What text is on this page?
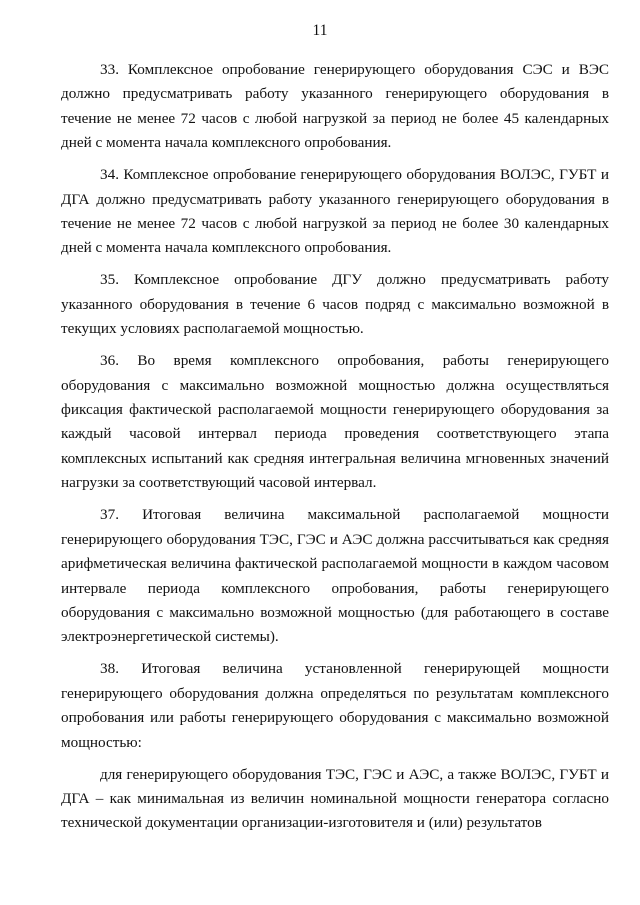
11

33. Комплексное опробование генерирующего оборудования СЭС и ВЭС должно предусматривать работу указанного генерирующего оборудования в течение не менее 72 часов с любой нагрузкой за период не более 45 календарных дней с момента начала комплексного опробования.

34. Комплексное опробование генерирующего оборудования ВОЛЭС, ГУБТ и ДГА должно предусматривать работу указанного генерирующего оборудования в течение не менее 72 часов с любой нагрузкой за период не более 30 календарных дней с момента начала комплексного опробования.

35. Комплексное опробование ДГУ должно предусматривать работу указанного оборудования в течение 6 часов подряд с максимально возможной в текущих условиях располагаемой мощностью.

36. Во время комплексного опробования, работы генерирующего оборудования с максимально возможной мощностью должна осуществляться фиксация фактической располагаемой мощности генерирующего оборудования за каждый часовой интервал периода проведения соответствующего этапа комплексных испытаний как средняя интегральная величина мгновенных значений нагрузки за соответствующий часовой интервал.

37. Итоговая величина максимальной располагаемой мощности генерирующего оборудования ТЭС, ГЭС и АЭС должна рассчитываться как средняя арифметическая величина фактической располагаемой мощности в каждом часовом интервале периода комплексного опробования, работы генерирующего оборудования с максимально возможной мощностью (для работающего в составе электроэнергетической системы).

38. Итоговая величина установленной генерирующей мощности генерирующего оборудования должна определяться по результатам комплексного опробования или работы генерирующего оборудования с максимально возможной мощностью:

для генерирующего оборудования ТЭС, ГЭС и АЭС, а также ВОЛЭС, ГУБТ и ДГА – как минимальная из величин номинальной мощности генератора согласно технической документации организации-изготовителя и (или) результатов
